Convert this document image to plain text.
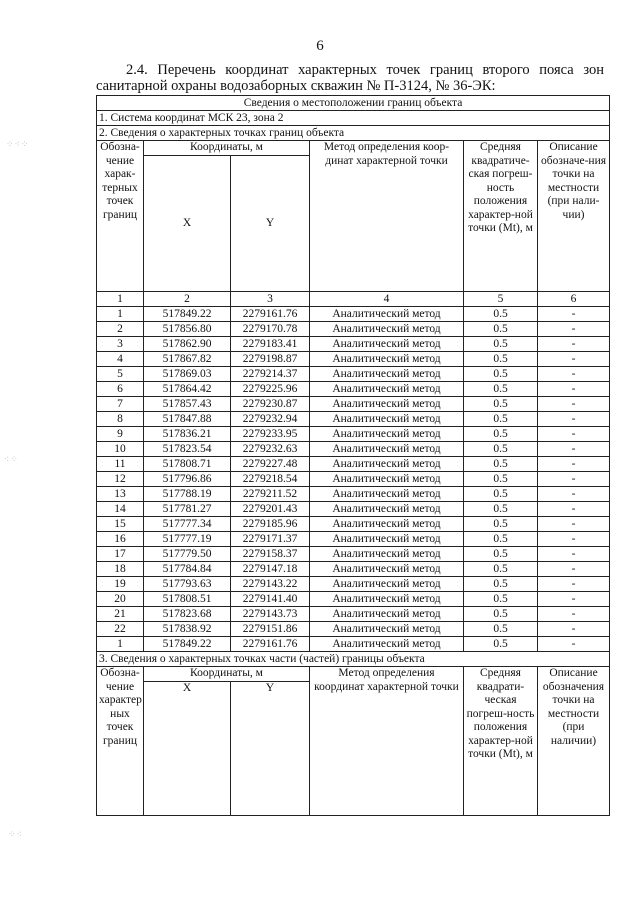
6
2.4. Перечень координат характерных точек границ второго пояса зон санитарной охраны водозаборных скважин № П-3124, № 36-ЭК:
Сведения о местоположении границ объекта					
1. Система координат МСК 23, зона 2					
2. Сведения о характерных точках границ объекта					
Обозна-чение харак-терных точек границ	Координаты, м		Метод определения коор-динат характерной точки	Средняя квадратиче-ская погреш-ность положения характер-ной точки (Mt), м	Описание обозначе-ния точки на местности (при нали-чии)
	X	Y			
1	2	3	4	5	6
1	517849.22	2279161.76	Аналитический метод	0.5	-
2	517856.80	2279170.78	Аналитический метод	0.5	-
3	517862.90	2279183.41	Аналитический метод	0.5	-
4	517867.82	2279198.87	Аналитический метод	0.5	-
5	517869.03	2279214.37	Аналитический метод	0.5	-
6	517864.42	2279225.96	Аналитический метод	0.5	-
7	517857.43	2279230.87	Аналитический метод	0.5	-
8	517847.88	2279232.94	Аналитический метод	0.5	-
9	517836.21	2279233.95	Аналитический метод	0.5	-
10	517823.54	2279232.63	Аналитический метод	0.5	-
11	517808.71	2279227.48	Аналитический метод	0.5	-
12	517796.86	2279218.54	Аналитический метод	0.5	-
13	517788.19	2279211.52	Аналитический метод	0.5	-
14	517781.27	2279201.43	Аналитический метод	0.5	-
15	517777.34	2279185.96	Аналитический метод	0.5	-
16	517777.19	2279171.37	Аналитический метод	0.5	-
17	517779.50	2279158.37	Аналитический метод	0.5	-
18	517784.84	2279147.18	Аналитический метод	0.5	-
19	517793.63	2279143.22	Аналитический метод	0.5	-
20	517808.51	2279141.40	Аналитический метод	0.5	-
21	517823.68	2279143.73	Аналитический метод	0.5	-
22	517838.92	2279151.86	Аналитический метод	0.5	-
1	517849.22	2279161.76	Аналитический метод	0.5	-
3. Сведения о характерных точках части (частей) границы объекта					
Обозна-чение характер ных точек границ	Координаты, м		Метод определения координат характерной точки	Средняя квадрати-ческая погреш-ность положения характер-ной точки (Mt), м	Описание обозначения точки на местности (при наличии)
	X	Y			
⁘⁖⁘
⁖⁘
⁘⁖
